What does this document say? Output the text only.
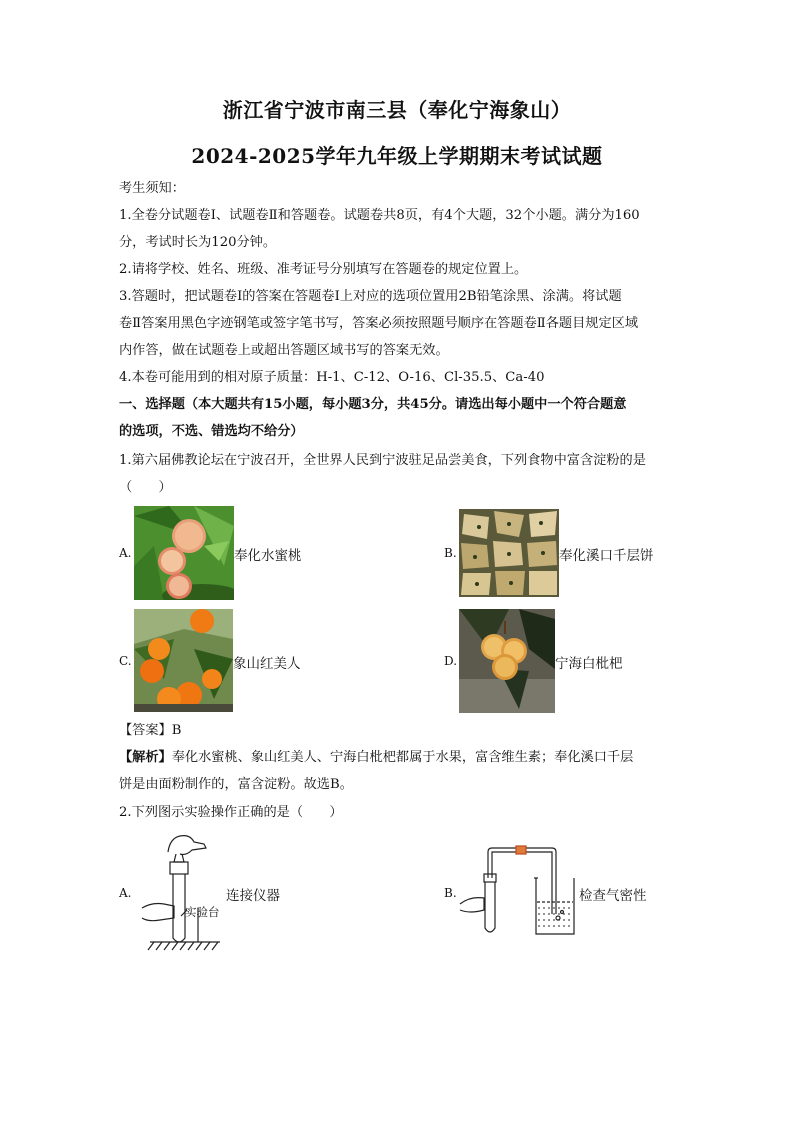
浙江省宁波市南三县（奉化宁海象山）
2024-2025学年九年级上学期期末考试试题
考生须知：
1.全卷分试题卷Ⅰ、试题卷Ⅱ和答题卷。试题卷共8页，有4个大题，32个小题。满分为160
分，考试时长为120分钟。
2.请将学校、姓名、班级、准考证号分别填写在答题卷的规定位置上。
3.答题时，把试题卷Ⅰ的答案在答题卷Ⅰ上对应的选项位置用2B铅笔涂黑、涂满。将试题
卷Ⅱ答案用黑色字迹钢笔或签字笔书写，答案必须按照题号顺序在答题卷Ⅱ各题目规定区域
内作答，做在试题卷上或超出答题区域书写的答案无效。
4.本卷可能用到的相对原子质量：H-1、C-12、O-16、Cl-35.5、Ca-40
一、选择题（本大题共有15小题，每小题3分，共45分。请选出每小题中一个符合题意
的选项，不选、错选均不给分）
1.第六届佛教论坛在宁波召开，全世界人民到宁波驻足品尝美食，下列食物中富含淀粉的是
（　　）
A.	奉化水蜜桃	B.	奉化溪口千层饼
C.	象山红美人	D.	宁海白枇杷
【答案】B
【解析】奉化水蜜桃、象山红美人、宁海白枇杷都属于水果，富含维生素；奉化溪口千层
饼是由面粉制作的，富含淀粉。故选B。
2.下列图示实验操作正确的是（　　）
A.
实验台
连接仪器	B.	检查气密性
